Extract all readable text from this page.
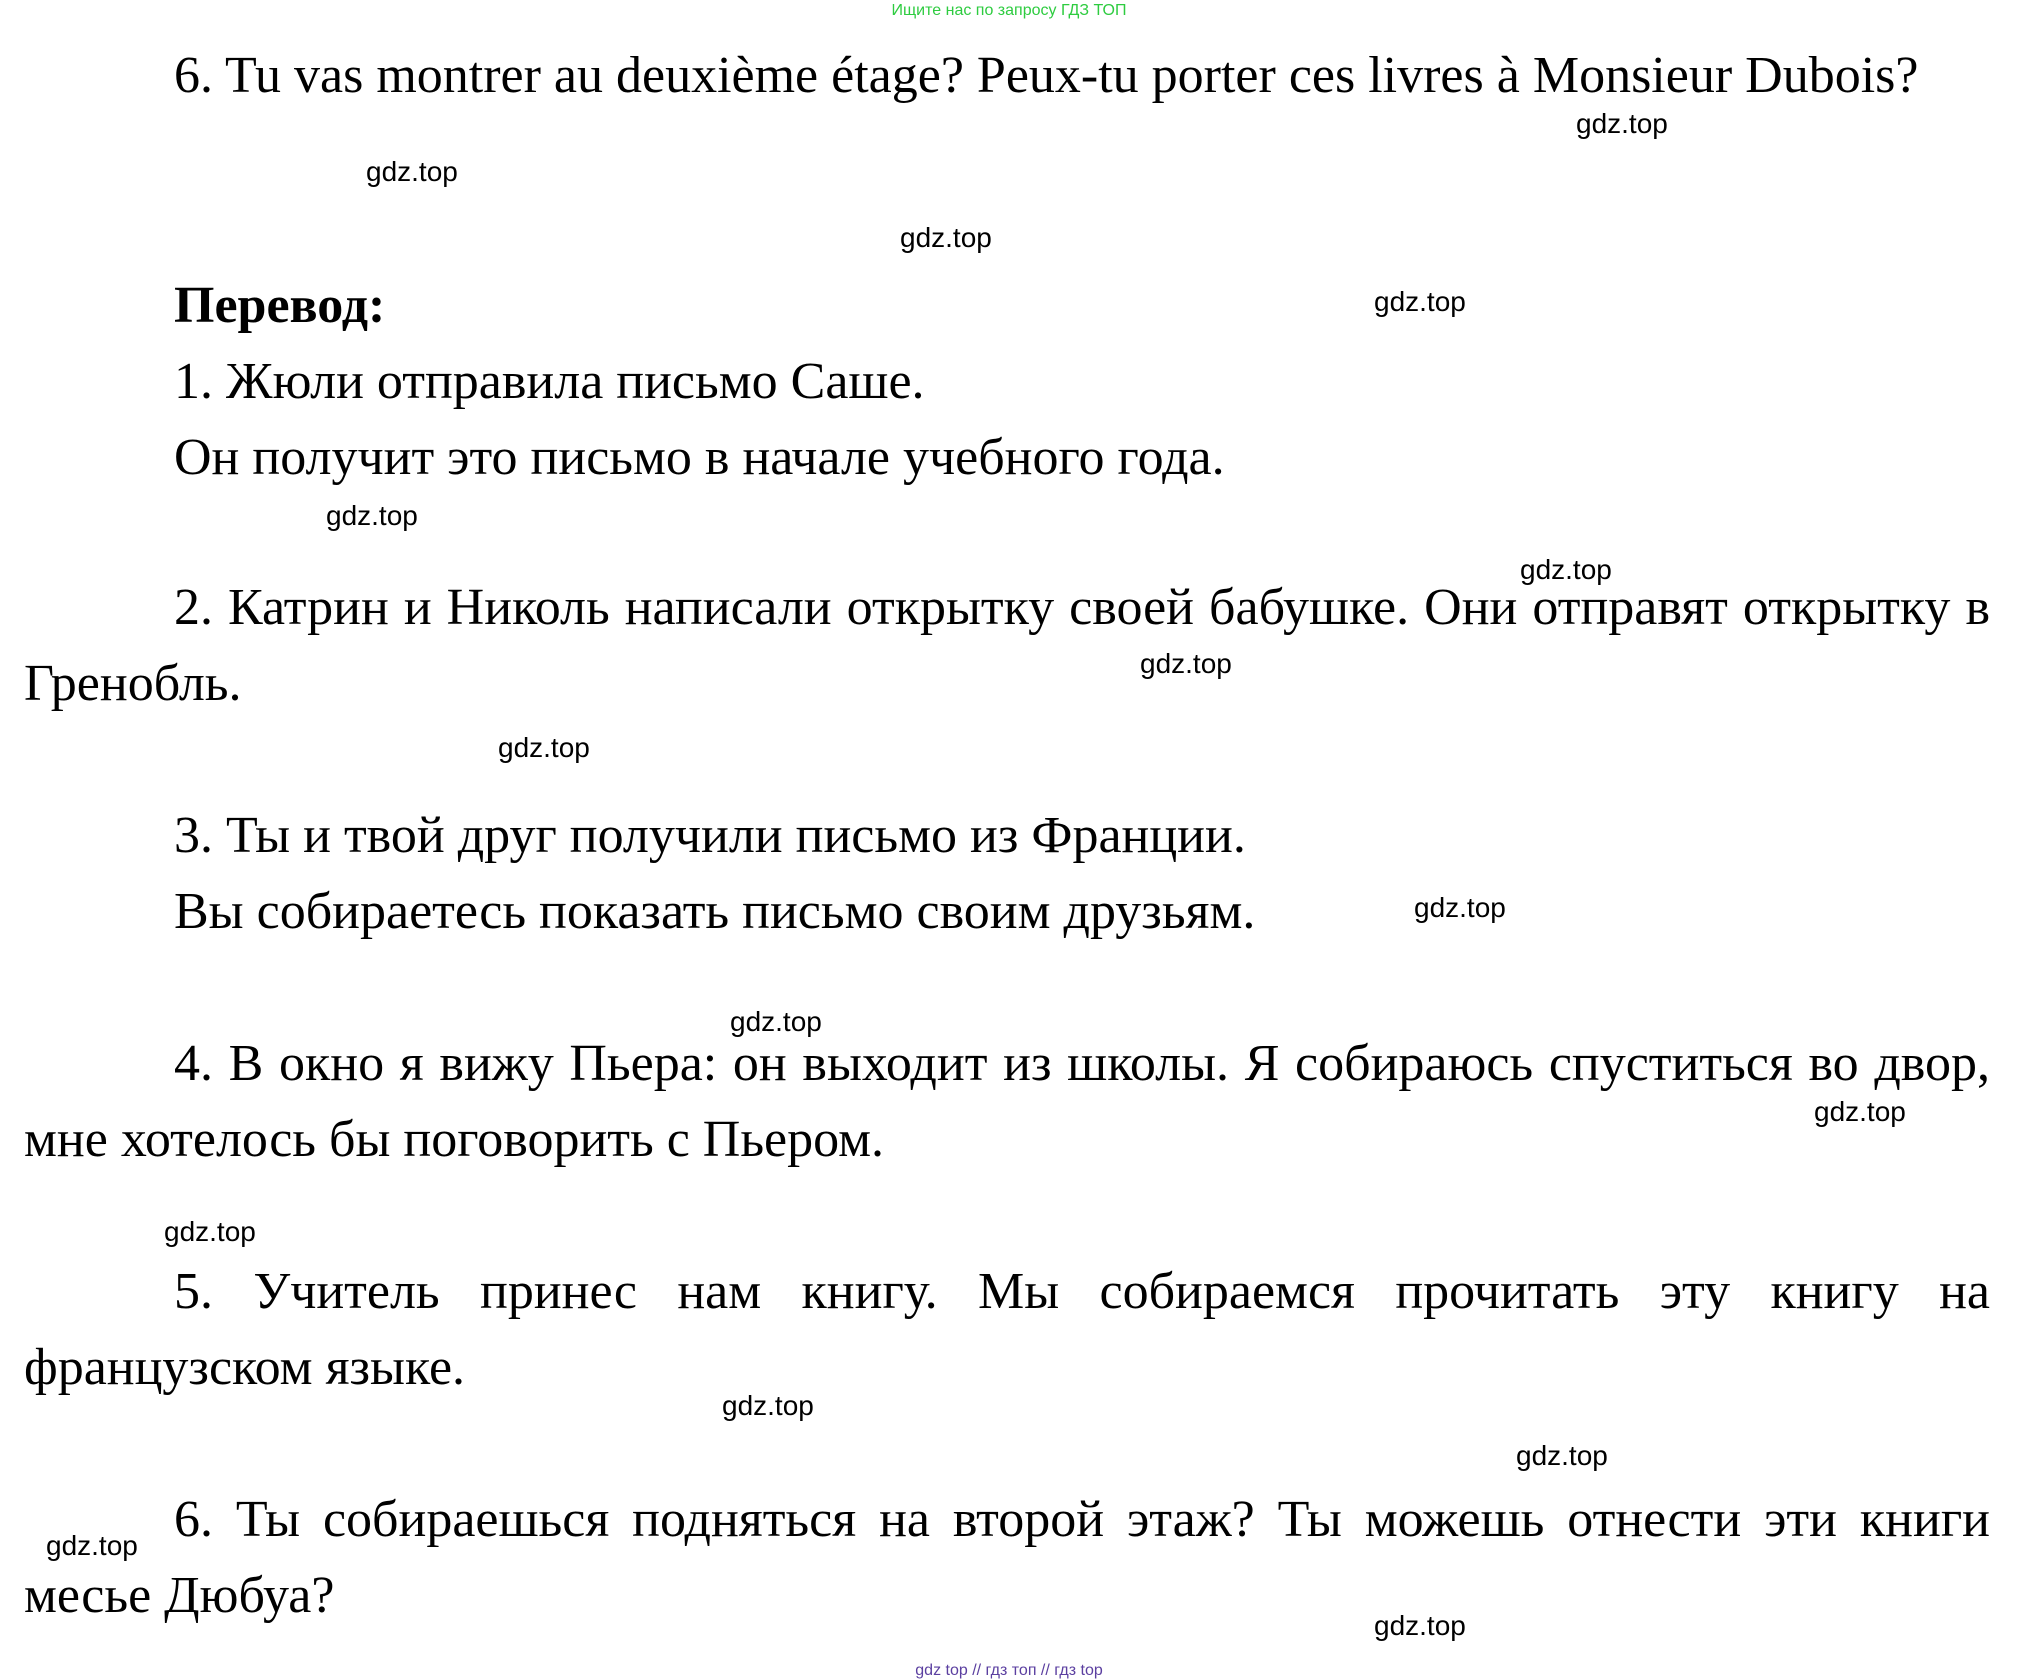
Ищите нас по запросу ГДЗ ТОП

6. Tu vas montrer au deuxième étage? Peux-tu porter ces livres à Monsieur Dubois?

Перевод:

1. Жюли отправила письмо Саше.

Он получит это письмо в начале учебного года.

2. Катрин и Николь написали открытку своей бабушке. Они отправят открытку в Гренобль.

3. Ты и твой друг получили письмо из Франции.

Вы собираетесь показать письмо своим друзьям.

4. В окно я вижу Пьера: он выходит из школы. Я собираюсь спуститься во двор, мне хотелось бы поговорить с Пьером.

5. Учитель принес нам книгу. Мы собираемся прочитать эту книгу на французском языке.

6. Ты собираешься подняться на второй этаж? Ты можешь отнести эти книги месье Дюбуа?

gdz.top
gdz.top
gdz.top
gdz.top
gdz.top
gdz.top
gdz.top
gdz.top
gdz.top
gdz.top
gdz.top
gdz.top
gdz.top
gdz.top
gdz.top
gdz.top
gdz top // гдз топ // гдз top
